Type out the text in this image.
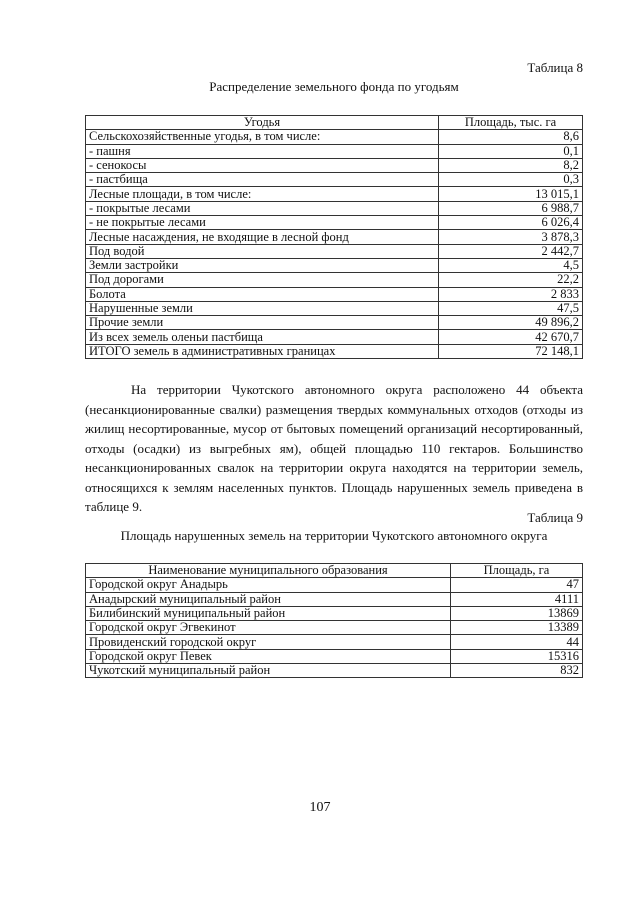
Таблица 8
Распределение земельного фонда по угодьям
Угодья	Площадь, тыс. га
Сельскохозяйственные угодья, в том числе:	8,6
- пашня	0,1
- сенокосы	8,2
- пастбища	0,3
Лесные площади, в том числе:	13 015,1
- покрытые лесами	6 988,7
- не покрытые лесами	6 026,4
Лесные насаждения, не входящие в лесной фонд	3 878,3
Под водой	2 442,7
Земли застройки	4,5
Под дорогами	22,2
Болота	2 833
Нарушенные земли	47,5
Прочие земли	49 896,2
Из всех земель оленьи пастбища	42 670,7
ИТОГО земель в административных границах	72 148,1

На территории Чукотского автономного округа расположено 44 объекта (несанкционированные свалки) размещения твердых коммунальных отходов (отходы из жилищ несортированные, мусор от бытовых помещений организаций несортированный, отходы (осадки) из выгребных ям), общей площадью 110 гектаров. Большинство несанкционированных свалок на территории округа находятся на территории земель, относящихся к землям населенных пунктов. Площадь нарушенных земель приведена в таблице 9.

Таблица 9
Площадь нарушенных земель на территории Чукотского автономного округа
Наименование муниципального образования	Площадь, га
Городской округ Анадырь	47
Анадырский муниципальный район	4111
Билибинский муниципальный район	13869
Городской округ Эгвекинот	13389
Провиденский городской округ	44
Городской округ Певек	15316
Чукотский муниципальный район	832
107
